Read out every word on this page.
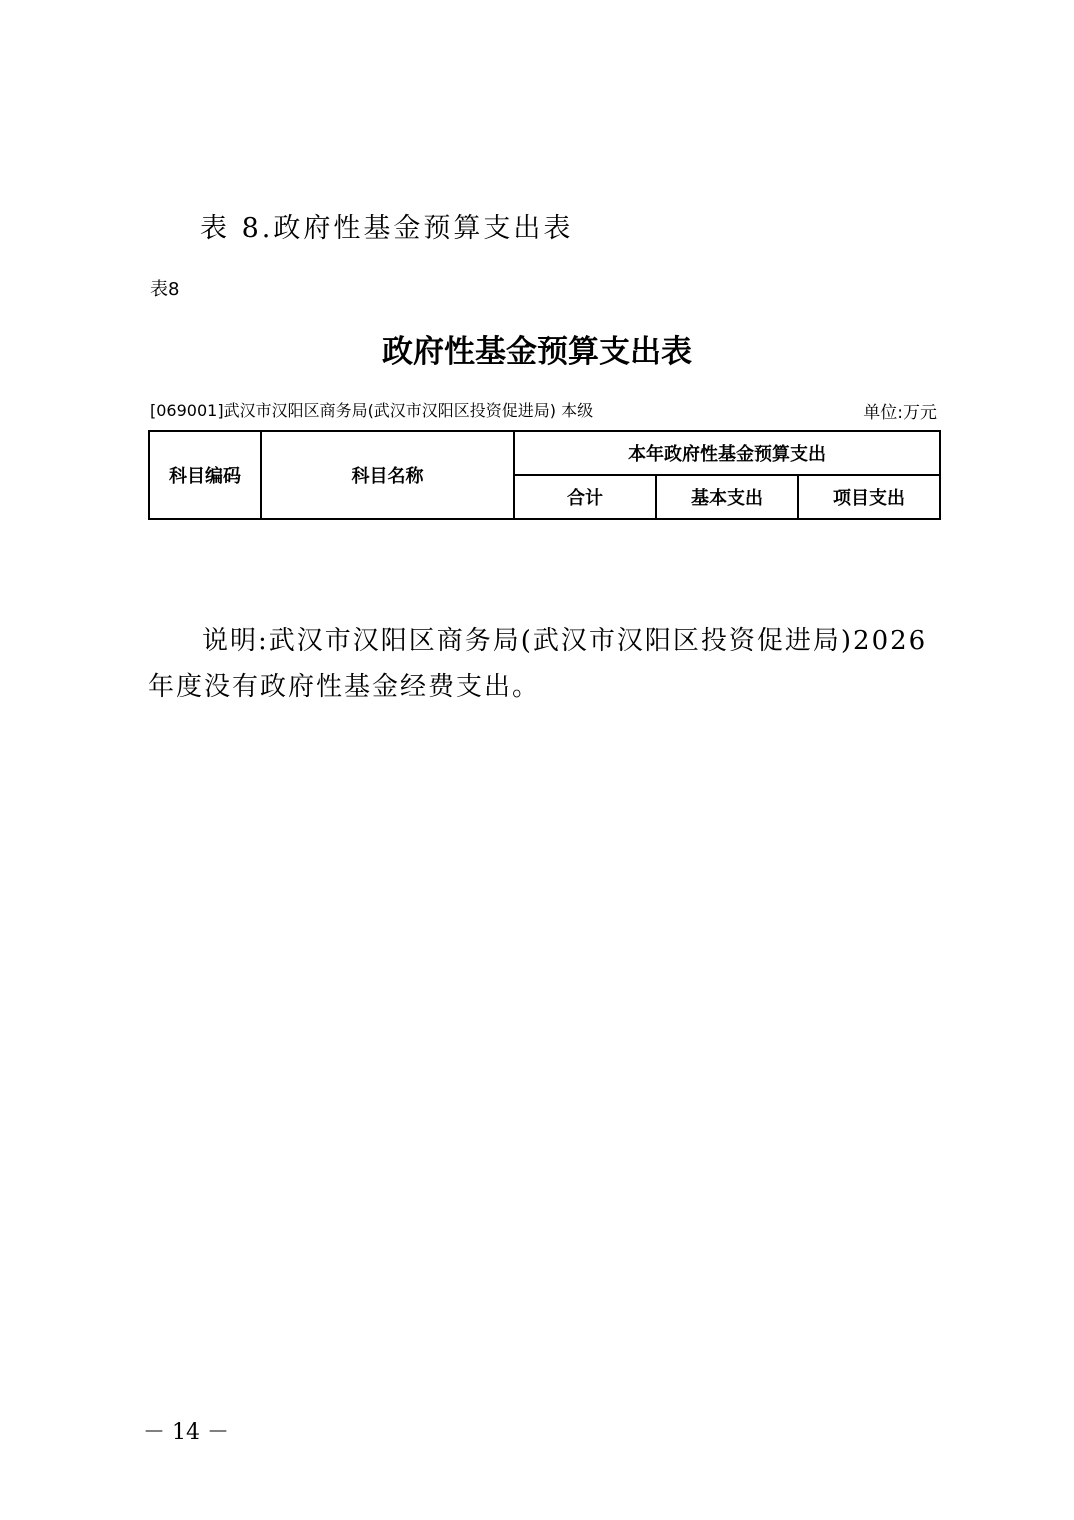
表 8.政府性基金预算支出表
表8
政府性基金预算支出表
[069001]武汉市汉阳区商务局(武汉市汉阳区投资促进局) 本级	单位:万元
科目编码	科目名称	本年政府性基金预算支出		
		合计	基本支出	项目支出
说明:武汉市汉阳区商务局(武汉市汉阳区投资促进局)2026
年度没有政府性基金经费支出。
－ 14 －
